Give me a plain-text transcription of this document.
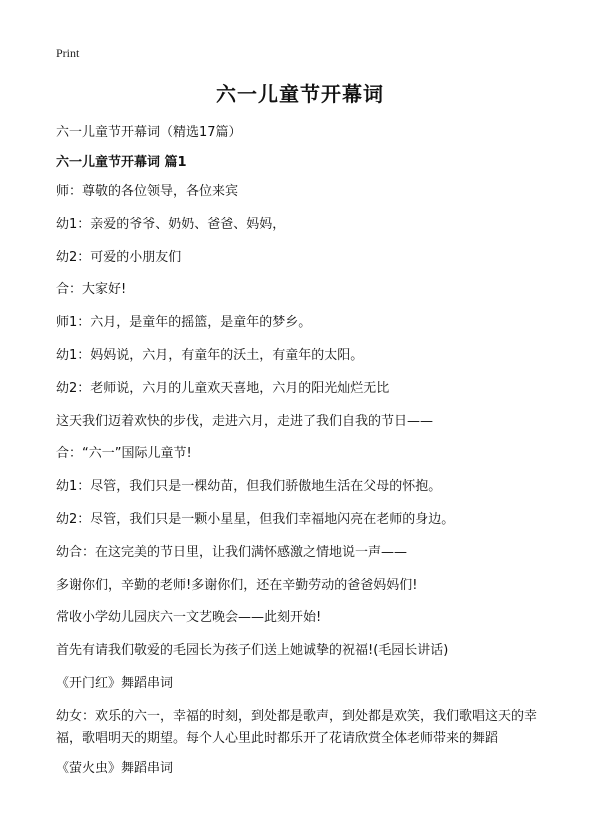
Print
六一儿童节开幕词
六一儿童节开幕词（精选17篇）
六一儿童节开幕词 篇1
师：尊敬的各位领导，各位来宾
幼1：亲爱的爷爷、奶奶、爸爸、妈妈，
幼2：可爱的小朋友们
合：大家好!
师1：六月，是童年的摇篮，是童年的梦乡。
幼1：妈妈说，六月，有童年的沃土，有童年的太阳。
幼2：老师说，六月的儿童欢天喜地，六月的阳光灿烂无比
这天我们迈着欢快的步伐，走进六月，走进了我们自我的节日——
合：“六一”国际儿童节!
幼1：尽管，我们只是一棵幼苗，但我们骄傲地生活在父母的怀抱。
幼2：尽管，我们只是一颗小星星，但我们幸福地闪亮在老师的身边。
幼合：在这完美的节日里，让我们满怀感激之情地说一声——
多谢你们，辛勤的老师!多谢你们，还在辛勤劳动的爸爸妈妈们!
常收小学幼儿园庆六一文艺晚会——此刻开始!
首先有请我们敬爱的毛园长为孩子们送上她诚挚的祝福!(毛园长讲话)
《开门红》舞蹈串词
幼女：欢乐的六一，幸福的时刻，到处都是歌声，到处都是欢笑，我们歌唱这天的幸福，歌唱明天的期望。每个人心里此时都乐开了花请欣赏全体老师带来的舞蹈
《萤火虫》舞蹈串词
